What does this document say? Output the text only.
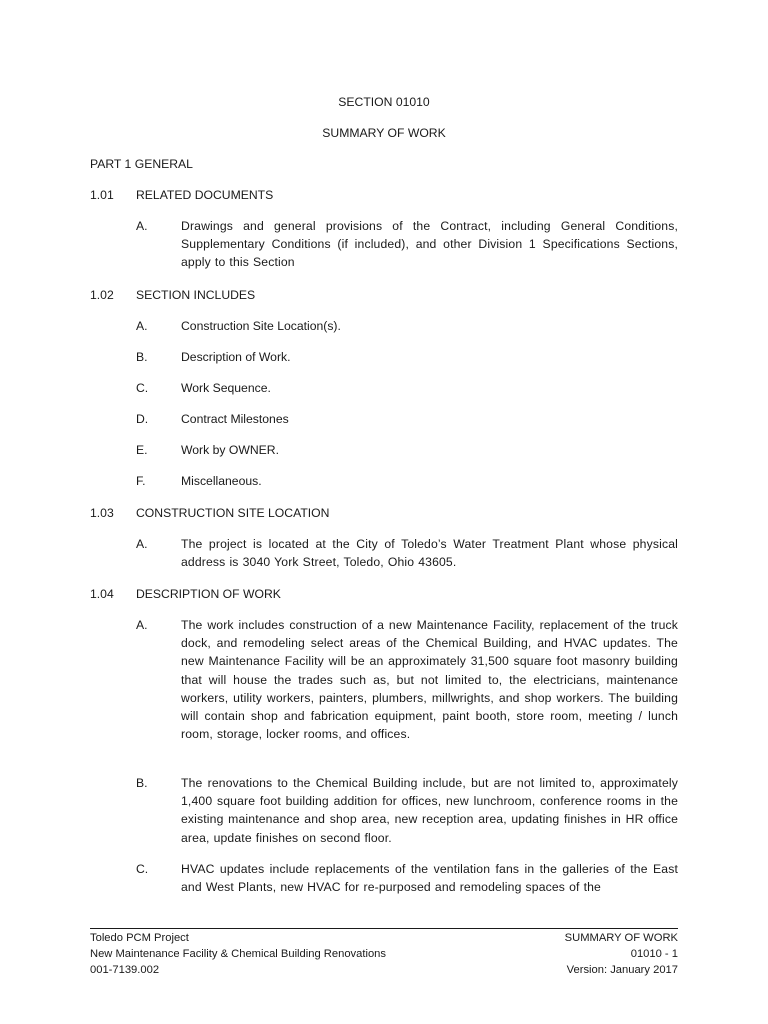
SECTION 01010
SUMMARY OF WORK
PART 1 GENERAL
1.01 RELATED DOCUMENTS
A.	Drawings and general provisions of the Contract, including General Conditions, Supplementary Conditions (if included), and other Division 1 Specifications Sections, apply to this Section
1.02 SECTION INCLUDES
A.	Construction Site Location(s).
B.	Description of Work.
C.	Work Sequence.
D.	Contract Milestones
E.	Work by OWNER.
F.	Miscellaneous.
1.03 CONSTRUCTION SITE LOCATION
A.	The project is located at the City of Toledo’s Water Treatment Plant whose physical address is 3040 York Street, Toledo, Ohio 43605.
1.04 DESCRIPTION OF WORK
A.	The work includes construction of a new Maintenance Facility, replacement of the truck dock, and remodeling select areas of the Chemical Building, and HVAC updates. The new Maintenance Facility will be an approximately 31,500 square foot masonry building that will house the trades such as, but not limited to, the electricians, maintenance workers, utility workers, painters, plumbers, millwrights, and shop workers. The building will contain shop and fabrication equipment, paint booth, store room, meeting / lunch room, storage, locker rooms, and offices.
B.	The renovations to the Chemical Building include, but are not limited to, approximately 1,400 square foot building addition for offices, new lunchroom, conference rooms in the existing maintenance and shop area, new reception area, updating finishes in HR office area, update finishes on second floor.
C.	HVAC updates include replacements of the ventilation fans in the galleries of the East and West Plants, new HVAC for re-purposed and remodeling spaces of the
Toledo PCM Project
New Maintenance Facility & Chemical Building Renovations
001-7139.002
SUMMARY OF WORK
01010 - 1
Version: January 2017
